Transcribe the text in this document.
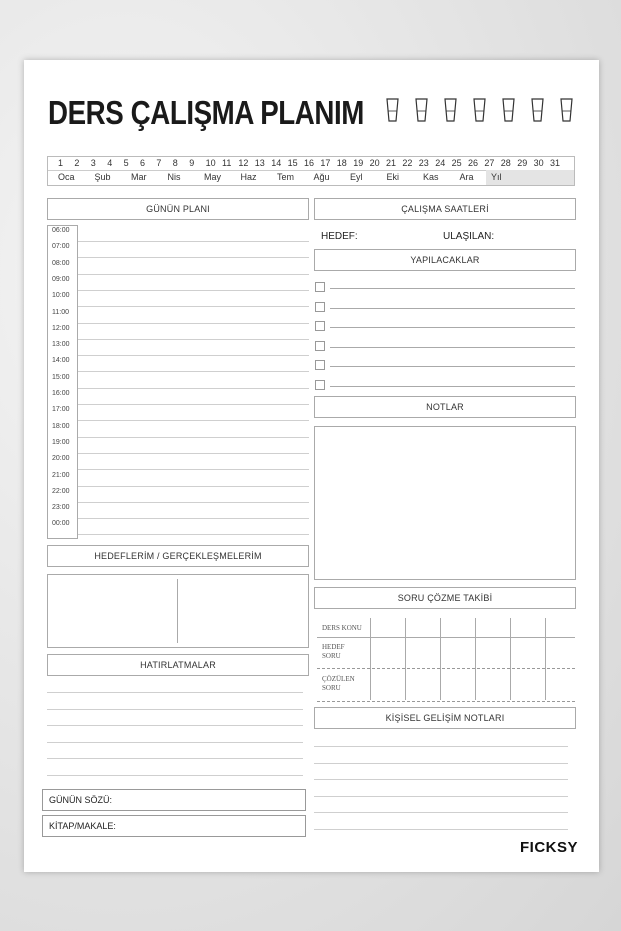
DERS ÇALIŞMA PLANIM
1 2 3 4 5 6 7 8 9 10 11 12 13 14 15 16 17 18 19 20 21 22 23 24 25 26 27 28 29 30 31
Oca Şub Mar Nis	May Haz Tem Ağu Eyl	Eki	Kas Ara Yıl
GÜNÜN PLANI
06:00
07:00
08:00
09:00
10:00
11:00
12:00
13:00
14:00
15:00
16:00
17:00
18:00
19:00
20:00
21:00
22:00
23:00
00:00
HEDEFLERİM / GERÇEKLEŞMELERİM
HATIRLATMALAR
GÜNÜN SÖZÜ:
KİTAP/MAKALE:
ÇALIŞMA SAATLERİ
HEDEF:	ULAŞILAN:
YAPILACAKLAR
NOTLAR
SORU ÇÖZME TAKİBİ
DERS KONU
HEDEF SORU
ÇÖZÜLEN SORU
KİŞİSEL GELİŞİM NOTLARI
FICKSY
